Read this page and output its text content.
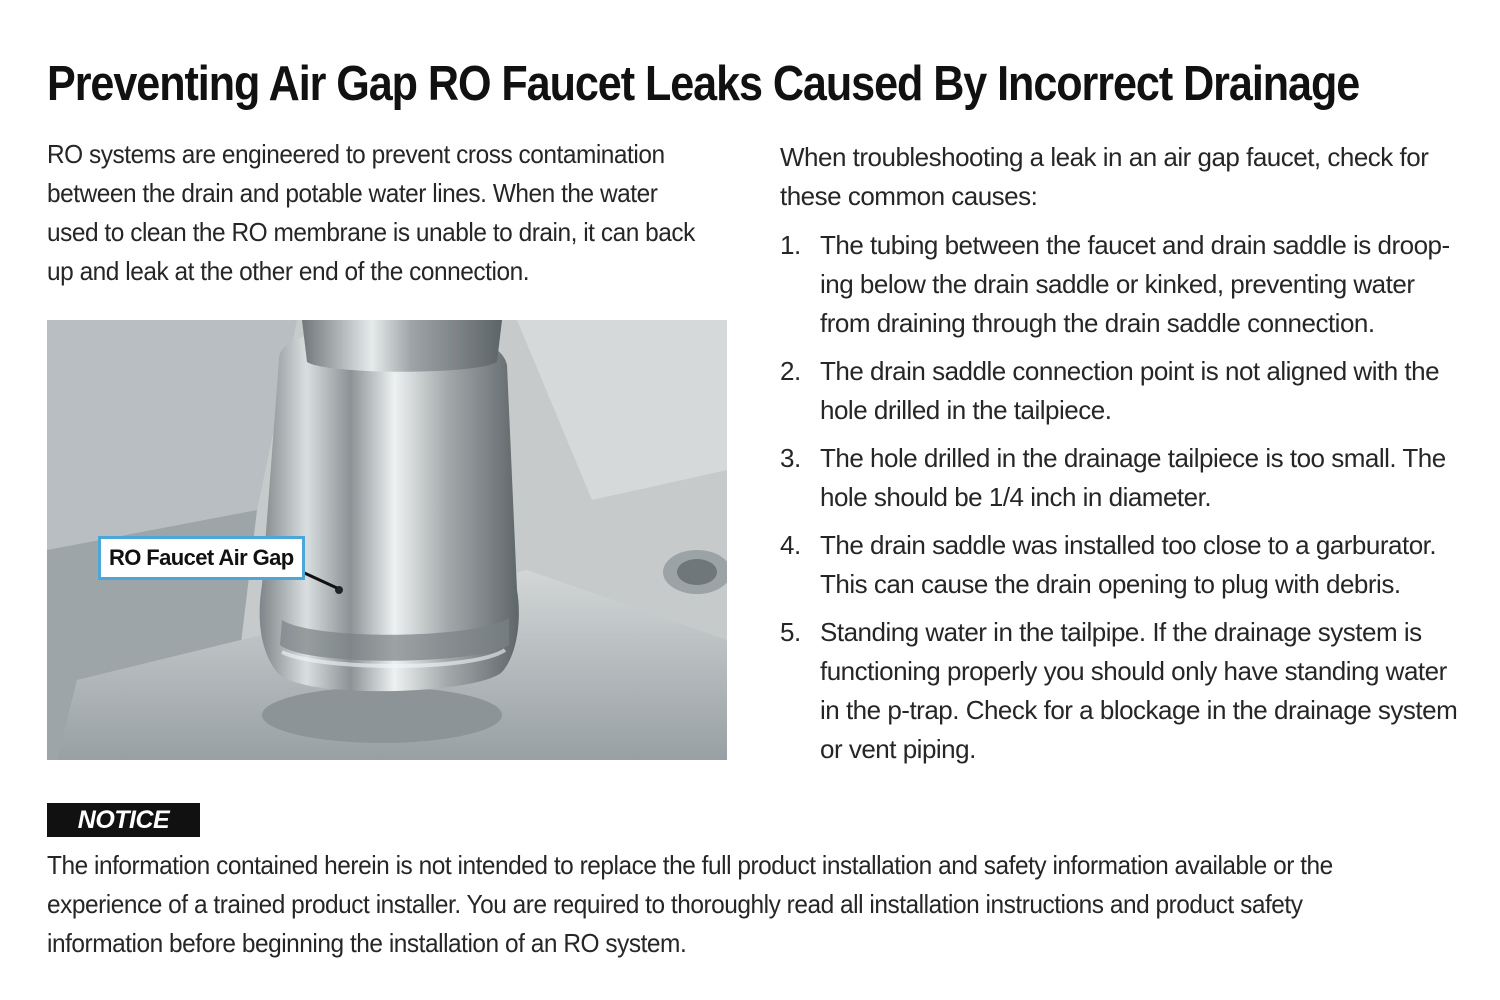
Preventing Air Gap RO Faucet Leaks Caused By Incorrect Drainage

RO systems are engineered to prevent cross contamination between the drain and potable water lines. When the water used to clean the RO membrane is unable to drain, it can back up and leak at the other end of the connection.

RO Faucet Air Gap

When troubleshooting a leak in an air gap faucet, check for these common causes:

1. The tubing between the faucet and drain saddle is droop-ing below the drain saddle or kinked, preventing water from draining through the drain saddle connection.
2. The drain saddle connection point is not aligned with the hole drilled in the tailpiece.
3. The hole drilled in the drainage tailpiece is too small. The hole should be 1/4 inch in diameter.
4. The drain saddle was installed too close to a garburator. This can cause the drain opening to plug with debris.
5. Standing water in the tailpipe. If the drainage system is functioning properly you should only have standing water in the p-trap. Check for a blockage in the drainage system or vent piping.
NOTICE

The information contained herein is not intended to replace the full product installation and safety information available or the experience of a trained product installer. You are required to thoroughly read all installation instructions and product safety information before beginning the installation of an RO system.
